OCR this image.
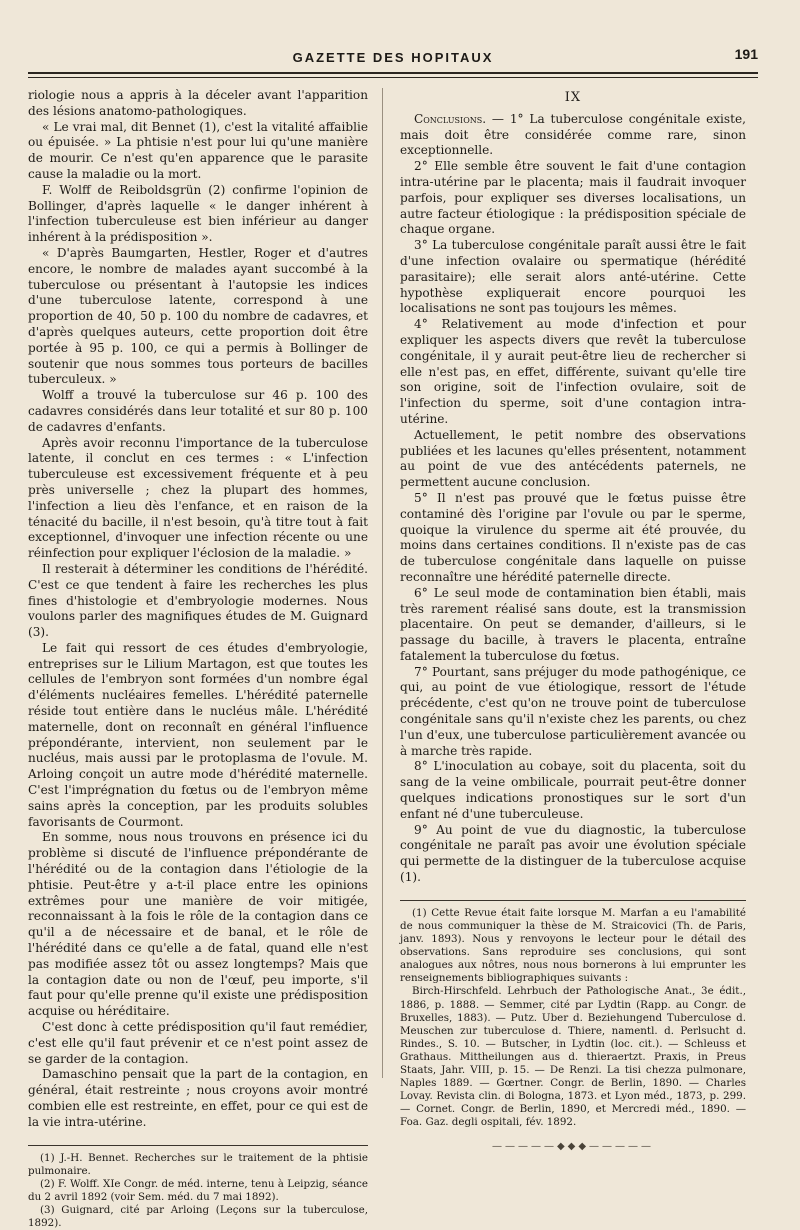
GAZETTE DES HOPITAUX	191

riologie nous a appris à la déceler avant l'apparition des lésions anatomo-pathologiques.

« Le vrai mal, dit Bennet (1), c'est la vitalité affaiblie ou épuisée. » La phtisie n'est pour lui qu'une manière de mourir. Ce n'est qu'en apparence que le parasite cause la maladie ou la mort.

F. Wolff de Reiboldsgrün (2) confirme l'opinion de Bollinger, d'après laquelle « le danger inhérent à l'infection tuberculeuse est bien inférieur au danger inhérent à la prédisposition ».

« D'après Baumgarten, Hestler, Roger et d'autres encore, le nombre de malades ayant succombé à la tuberculose ou présentant à l'autopsie les indices d'une tuberculose latente, correspond à une proportion de 40, 50 p. 100 du nombre de cadavres, et d'après quelques auteurs, cette proportion doit être portée à 95 p. 100, ce qui a permis à Bollinger de soutenir que nous sommes tous porteurs de bacilles tuberculeux. »

Wolff a trouvé la tuberculose sur 46 p. 100 des cadavres considérés dans leur totalité et sur 80 p. 100 de cadavres d'enfants.

Après avoir reconnu l'importance de la tuberculose latente, il conclut en ces termes : « L'infection tuberculeuse est excessivement fréquente et à peu près universelle ; chez la plupart des hommes, l'infection a lieu dès l'enfance, et en raison de la ténacité du bacille, il n'est besoin, qu'à titre tout à fait exceptionnel, d'invoquer une infection récente ou une réinfection pour expliquer l'éclosion de la maladie. »

Il resterait à déterminer les conditions de l'hérédité. C'est ce que tendent à faire les recherches les plus fines d'histologie et d'embryologie modernes. Nous voulons parler des magnifiques études de M. Guignard (3).

Le fait qui ressort de ces études d'embryologie, entreprises sur le Lilium Martagon, est que toutes les cellules de l'embryon sont formées d'un nombre égal d'éléments nucléaires femelles. L'hérédité paternelle réside tout entière dans le nucléus mâle. L'hérédité maternelle, dont on reconnaît en général l'influence prépondérante, intervient, non seulement par le nucléus, mais aussi par le protoplasma de l'ovule. M. Arloing conçoit un autre mode d'hérédité maternelle. C'est l'imprégnation du fœtus ou de l'embryon même sains après la conception, par les produits solubles favorisants de Courmont.

En somme, nous nous trouvons en présence ici du problème si discuté de l'influence prépondérante de l'hérédité ou de la contagion dans l'étiologie de la phtisie. Peut-être y a-t-il place entre les opinions extrêmes pour une manière de voir mitigée, reconnaissant à la fois le rôle de la contagion dans ce qu'il a de nécessaire et de banal, et le rôle de l'hérédité dans ce qu'elle a de fatal, quand elle n'est pas modifiée assez tôt ou assez longtemps? Mais que la contagion date ou non de l'œuf, peu importe, s'il faut pour qu'elle prenne qu'il existe une prédisposition acquise ou héréditaire.

C'est donc à cette prédisposition qu'il faut remédier, c'est elle qu'il faut prévenir et ce n'est point assez de se garder de la contagion.

Damaschino pensait que la part de la contagion, en général, était restreinte ; nous croyons avoir montré combien elle est restreinte, en effet, pour ce qui est de la vie intra-utérine.

(1) J.-H. Bennet. Recherches sur le traitement de la phtisie pulmonaire.

(2) F. Wolff. XIe Congr. de méd. interne, tenu à Leipzig, séance du 2 avril 1892 (voir Sem. méd. du 7 mai 1892).

(3) Guignard, cité par Arloing (Leçons sur la tuberculose, 1892).

IX

Conclusions. — 1° La tuberculose congénitale existe, mais doit être considérée comme rare, sinon exceptionnelle.

2° Elle semble être souvent le fait d'une contagion intra-utérine par le placenta; mais il faudrait invoquer parfois, pour expliquer ses diverses localisations, un autre facteur étiologique : la prédisposition spéciale de chaque organe.

3° La tuberculose congénitale paraît aussi être le fait d'une infection ovalaire ou spermatique (hérédité parasitaire); elle serait alors anté-utérine. Cette hypothèse expliquerait encore pourquoi les localisations ne sont pas toujours les mêmes.

4° Relativement au mode d'infection et pour expliquer les aspects divers que revêt la tuberculose congénitale, il y aurait peut-être lieu de rechercher si elle n'est pas, en effet, différente, suivant qu'elle tire son origine, soit de l'infection ovulaire, soit de l'infection du sperme, soit d'une contagion intra-utérine.

Actuellement, le petit nombre des observations publiées et les lacunes qu'elles présentent, notamment au point de vue des antécédents paternels, ne permettent aucune conclusion.

5° Il n'est pas prouvé que le fœtus puisse être contaminé dès l'origine par l'ovule ou par le sperme, quoique la virulence du sperme ait été prouvée, du moins dans certaines conditions. Il n'existe pas de cas de tuberculose congénitale dans laquelle on puisse reconnaître une hérédité paternelle directe.

6° Le seul mode de contamination bien établi, mais très rarement réalisé sans doute, est la transmission placentaire. On peut se demander, d'ailleurs, si le passage du bacille, à travers le placenta, entraîne fatalement la tuberculose du fœtus.

7° Pourtant, sans préjuger du mode pathogénique, ce qui, au point de vue étiologique, ressort de l'étude précédente, c'est qu'on ne trouve point de tuberculose congénitale sans qu'il n'existe chez les parents, ou chez l'un d'eux, une tuberculose particulièrement avancée ou à marche très rapide.

8° L'inoculation au cobaye, soit du placenta, soit du sang de la veine ombilicale, pourrait peut-être donner quelques indications pronostiques sur le sort d'un enfant né d'une tuberculeuse.

9° Au point de vue du diagnostic, la tuberculose congénitale ne paraît pas avoir une évolution spéciale qui permette de la distinguer de la tuberculose acquise (1).

(1) Cette Revue était faite lorsque M. Marfan a eu l'amabilité de nous communiquer la thèse de M. Straicovici (Th. de Paris, janv. 1893). Nous y renvoyons le lecteur pour le détail des observations. Sans reproduire ses conclusions, qui sont analogues aux nôtres, nous nous bornerons à lui emprunter les renseignements bibliographiques suivants :

Birch-Hirschfeld. Lehrbuch der Pathologische Anat., 3e édit., 1886, p. 1888. — Semmer, cité par Lydtin (Rapp. au Congr. de Bruxelles, 1883). — Putz. Uber d. Beziehungend Tuberculose d. Meuschen zur tuberculose d. Thiere, namentl. d. Perlsucht d. Rindes., S. 10. — Butscher, in Lydtin (loc. cit.). — Schleuss et Grathaus. Mittheilungen aus d. thieraertzt. Praxis, in Preus Staats, Jahr. VIII, p. 15. — De Renzi. La tisi chezza pulmonare, Naples 1889. — Gœrtner. Congr. de Berlin, 1890. — Charles Lovay. Revista clin. di Bologna, 1873. et Lyon méd., 1873, p. 299. — Cornet. Congr. de Berlin, 1890, et Mercredi méd., 1890. — Foa. Gaz. degli ospitali, fév. 1892.

—————◆◆◆—————
